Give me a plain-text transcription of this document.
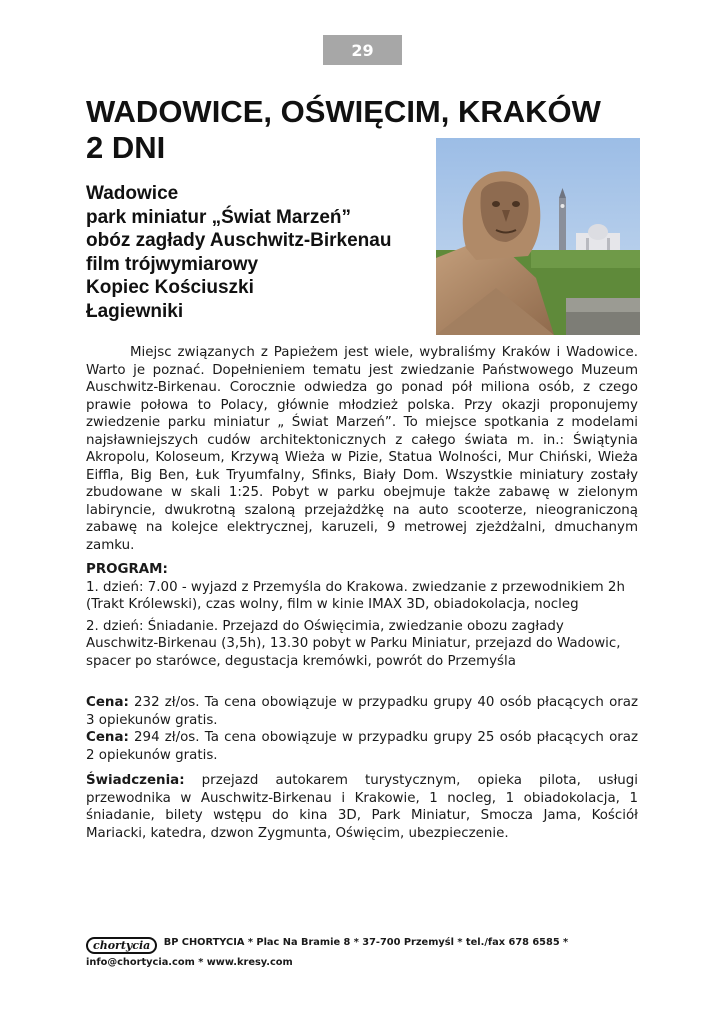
29
WADOWICE, OŚWIĘCIM, KRAKÓW
2 DNI
Wadowice
park miniatur „Świat Marzeń”
obóz zagłady Auschwitz-Birkenau
film trójwymiarowy
Kopiec Kościuszki
Łagiewniki
Miejsc związanych z Papieżem jest wiele, wybraliśmy Kraków i Wadowice. Warto je poznać. Dopełnieniem tematu jest zwiedzanie Państwowego Muzeum Auschwitz-Birkenau. Corocznie odwiedza go ponad pół miliona osób, z czego prawie połowa to Polacy, głównie młodzież polska. Przy okazji proponujemy zwiedzenie parku miniatur „ Świat Marzeń”. To miejsce spotkania z modelami najsławniejszych cudów architektonicznych z całego świata m. in.: Świątynia Akropolu, Koloseum, Krzywą Wieża w Pizie, Statua Wolności, Mur Chiński, Wieża Eiffla, Big Ben, Łuk Tryumfalny, Sfinks, Biały Dom. Wszystkie miniatury zostały zbudowane w skali 1:25. Pobyt w parku obejmuje także zabawę w zielonym labiryncie, dwukrotną szaloną przejażdżkę na auto scooterze, nieograniczoną zabawę na kolejce elektrycznej, karuzeli, 9 metrowej zjeżdżalni, dmuchanym zamku.

PROGRAM:

1. dzień: 7.00 - wyjazd z Przemyśla do Krakowa. zwiedzanie z przewodnikiem 2h (Trakt Królewski), czas wolny, film w kinie IMAX 3D, obiadokolacja, nocleg

2. dzień: Śniadanie. Przejazd do Oświęcimia, zwiedzanie obozu zagłady Auschwitz-Birkenau (3,5h), 13.30 pobyt w Parku Miniatur, przejazd do Wadowic, spacer po starówce, degustacja kremówki, powrót do Przemyśla

Cena: 232 zł/os. Ta cena obowiązuje w przypadku grupy 40 osób płacących oraz 3 opiekunów gratis.

Cena: 294 zł/os. Ta cena obowiązuje w przypadku grupy 25 osób płacących oraz 2 opiekunów gratis.

Świadczenia: przejazd autokarem turystycznym, opieka pilota, usługi przewodnika w Auschwitz-Birkenau i Krakowie, 1 nocleg, 1 obiadokolacja, 1 śniadanie, bilety wstępu do kina 3D, Park Miniatur, Smocza Jama, Kościół Mariacki, katedra, dzwon Zygmunta, Oświęcim, ubezpieczenie.

chortycia BP CHORTYCIA * Plac Na Bramie 8 * 37-700 Przemyśl * tel./fax 678 6585 * info@chortycia.com * www.kresy.com
